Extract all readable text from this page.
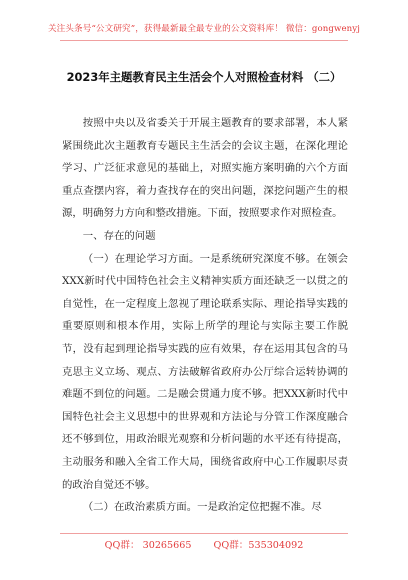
关注头条号“公文研究”，获得最新最全最专业的公文资料库！ 微信：gongwenyj
2023年主题教育民主生活会个人对照检查材料 （二）

按照中央以及省委关于开展主题教育的要求部署，本人紧紧围绕此次主题教育专题民主生活会的会议主题，在深化理论学习、广泛征求意见的基础上，对照实施方案明确的六个方面重点查摆内容，着力查找存在的突出问题，深挖问题产生的根源，明确努力方向和整改措施。下面，按照要求作对照检查。

一、存在的问题

（一）在理论学习方面。一是系统研究深度不够。在领会XXX新时代中国特色社会主义精神实质方面还缺乏一以贯之的自觉性，在一定程度上忽视了理论联系实际、理论指导实践的重要原则和根本作用，实际上所学的理论与实际主要工作脱节，没有起到理论指导实践的应有效果，存在运用其包含的马克思主义立场、观点、方法破解省政府办公厅综合运转协调的难题不到位的问题。二是融会贯通力度不够。把XXX新时代中国特色社会主义思想中的世界观和方法论与分管工作深度融合还不够到位，用政治眼光观察和分析问题的水平还有待提高，主动服务和融入全省工作大局，围绕省政府中心工作履职尽责的政治自觉还不够。

（二）在政治素质方面。一是政治定位把握不准。尽

QQ群： 30265665 QQ群：535304092
